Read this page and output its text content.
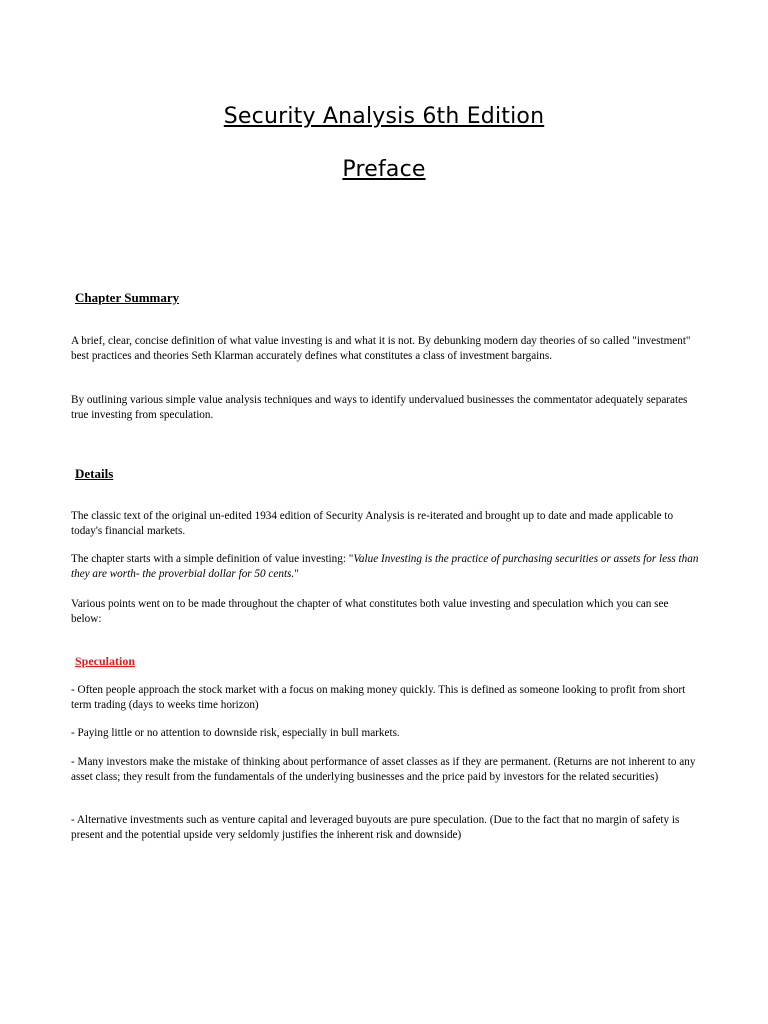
Security Analysis 6th Edition
Preface
Chapter Summary

A brief, clear, concise definition of what value investing is and what it is not. By debunking modern day theories of so called "investment" best practices and theories Seth Klarman accurately defines what constitutes a class of investment bargains.

By outlining various simple value analysis techniques and ways to identify undervalued businesses the commentator adequately separates true investing from speculation.

Details

The classic text of the original un-edited 1934 edition of Security Analysis is re-iterated and brought up to date and made applicable to today's financial markets.

The chapter starts with a simple definition of value investing: "Value Investing is the practice of purchasing securities or assets for less than they are worth- the proverbial dollar for 50 cents."

Various points went on to be made throughout the chapter of what constitutes both value investing and speculation which you can see below:

Speculation

- Often people approach the stock market with a focus on making money quickly. This is defined as someone looking to profit from short term trading (days to weeks time horizon)

- Paying little or no attention to downside risk, especially in bull markets.

- Many investors make the mistake of thinking about performance of asset classes as if they are permanent. (Returns are not inherent to any asset class; they result from the fundamentals of the underlying businesses and the price paid by investors for the related securities)

- Alternative investments such as venture capital and leveraged buyouts are pure speculation. (Due to the fact that no margin of safety is present and the potential upside very seldomly justifies the inherent risk and downside)
